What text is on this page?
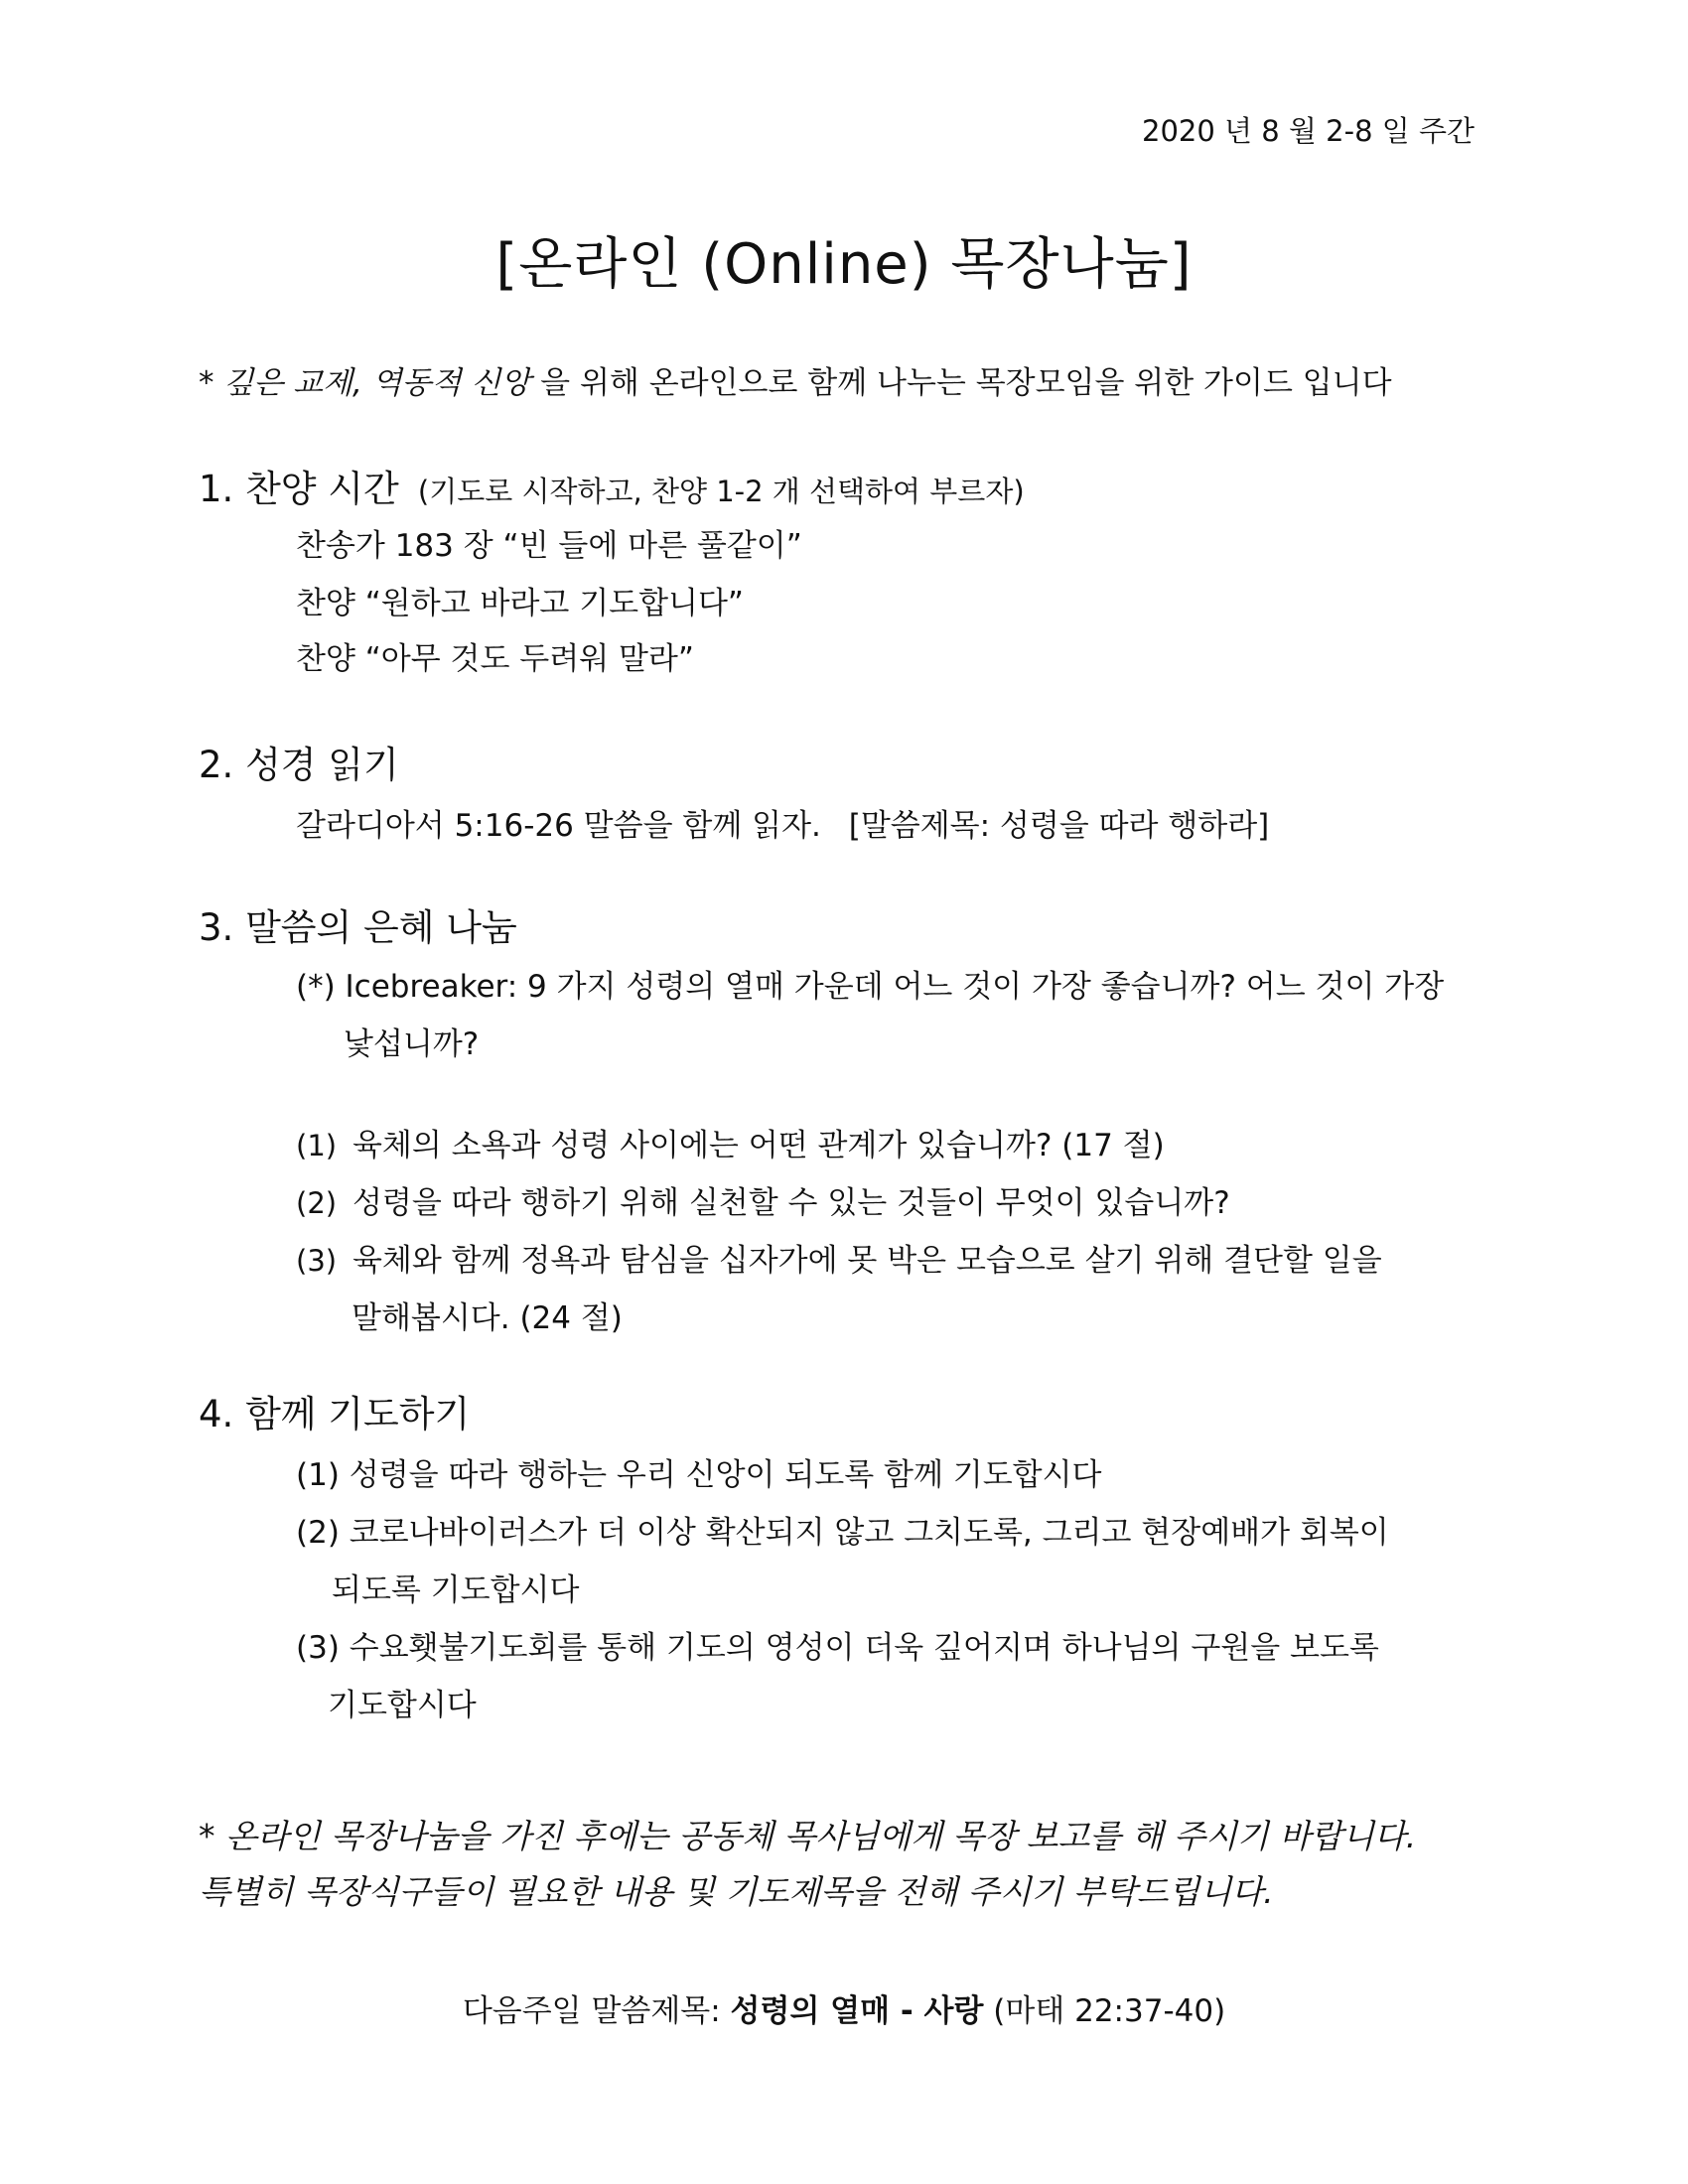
2020 년 8 월 2-8 일 주간
[온라인 (Online) 목장나눔]
* 깊은 교제, 역동적 신앙 을 위해 온라인으로 함께 나누는 목장모임을 위한 가이드 입니다
1. 찬양 시간 (기도로 시작하고, 찬양 1-2 개 선택하여 부르자)
찬송가 183 장 “빈 들에 마른 풀같이”
찬양 “원하고 바라고 기도합니다”
찬양 “아무 것도 두려워 말라”
2. 성경 읽기
갈라디아서 5:16-26 말씀을 함께 읽자. [말씀제목: 성령을 따라 행하라]
3. 말씀의 은혜 나눔
(*) Icebreaker: 9 가지 성령의 열매 가운데 어느 것이 가장 좋습니까? 어느 것이 가장
낯섭니까?
(1) 육체의 소욕과 성령 사이에는 어떤 관계가 있습니까? (17 절)
(2) 성령을 따라 행하기 위해 실천할 수 있는 것들이 무엇이 있습니까?
(3) 육체와 함께 정욕과 탐심을 십자가에 못 박은 모습으로 살기 위해 결단할 일을
말해봅시다. (24 절)
4. 함께 기도하기
(1) 성령을 따라 행하는 우리 신앙이 되도록 함께 기도합시다
(2) 코로나바이러스가 더 이상 확산되지 않고 그치도록, 그리고 현장예배가 회복이
되도록 기도합시다
(3) 수요횃불기도회를 통해 기도의 영성이 더욱 깊어지며 하나님의 구원을 보도록
기도합시다
* 온라인 목장나눔을 가진 후에는 공동체 목사님에게 목장 보고를 해 주시기 바랍니다.
특별히 목장식구들이 필요한 내용 및 기도제목을 전해 주시기 부탁드립니다.
다음주일 말씀제목: 성령의 열매 - 사랑 (마태 22:37-40)
